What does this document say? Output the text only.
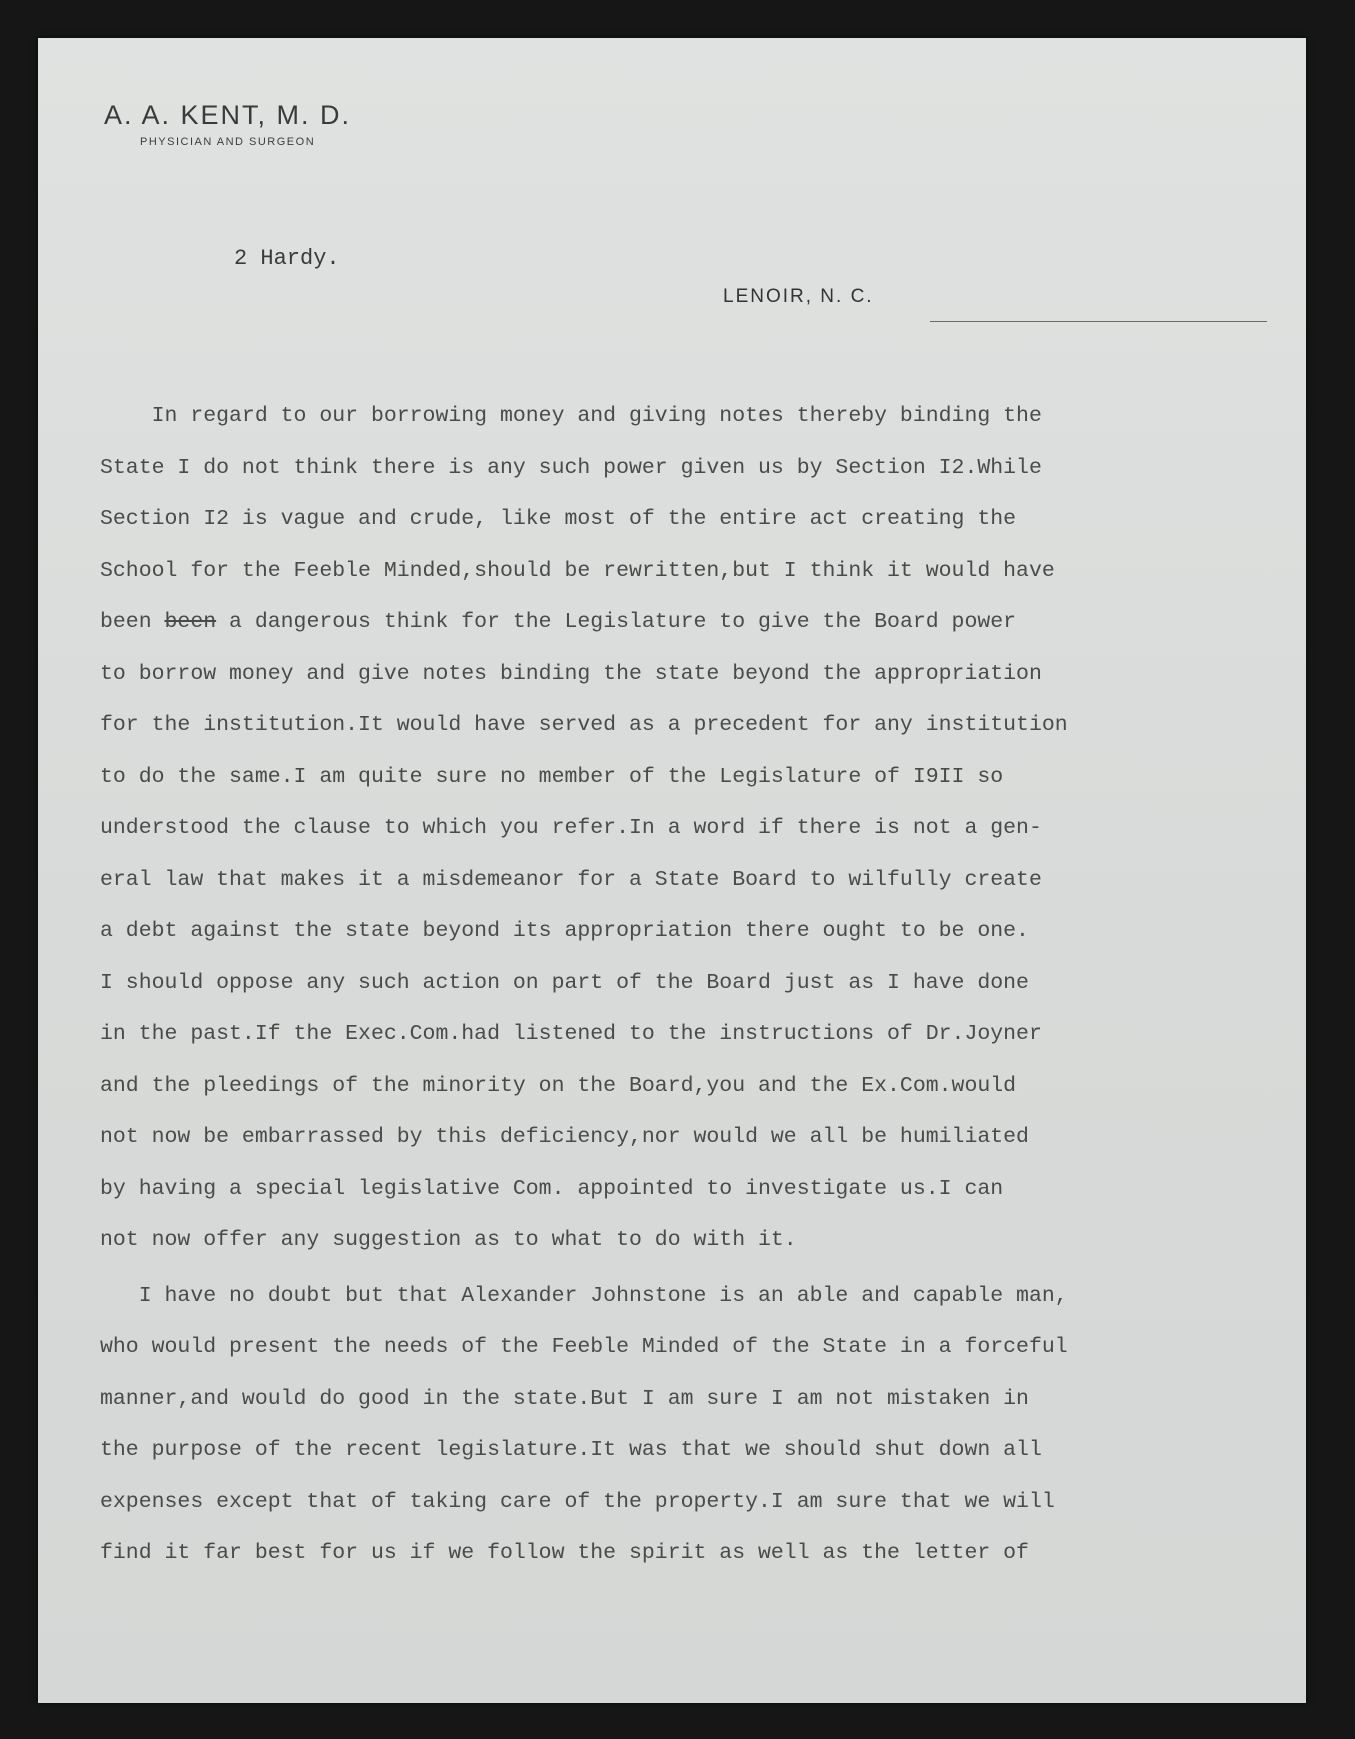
A. A. KENT, M. D.
PHYSICIAN AND SURGEON
2 Hardy.
LENOIR, N. C.
In regard to our borrowing money and giving notes thereby binding the
State I do not think there is any such power given us by Section I2.While
Section I2 is vague and crude, like most of the entire act creating the
School for the Feeble Minded,should be rewritten,but I think it would have
been been a dangerous think for the Legislature to give the Board power
to borrow money and give notes binding the state beyond the appropriation
for the institution.It would have served as a precedent for any institution
to do the same.I am quite sure no member of the Legislature of I9II so
understood the clause to which you refer.In a word if there is not a gen-
eral law that makes it a misdemeanor for a State Board to wilfully create
a debt against the state beyond its appropriation there ought to be one.
I should oppose any such action on part of the Board just as I have done
in the past.If the Exec.Com.had listened to the instructions of Dr.Joyner
and the pleedings of the minority on the Board,you and the Ex.Com.would
not now be embarrassed by this deficiency,nor would we all be humiliated
by having a special legislative Com. appointed to investigate us.I can
not now offer any suggestion as to what to do with it.
I have no doubt but that Alexander Johnstone is an able and capable man,
who would present the needs of the Feeble Minded of the State in a forceful
manner,and would do good in the state.But I am sure I am not mistaken in
the purpose of the recent legislature.It was that we should shut down all
expenses except that of taking care of the property.I am sure that we will
find it far best for us if we follow the spirit as well as the letter of
